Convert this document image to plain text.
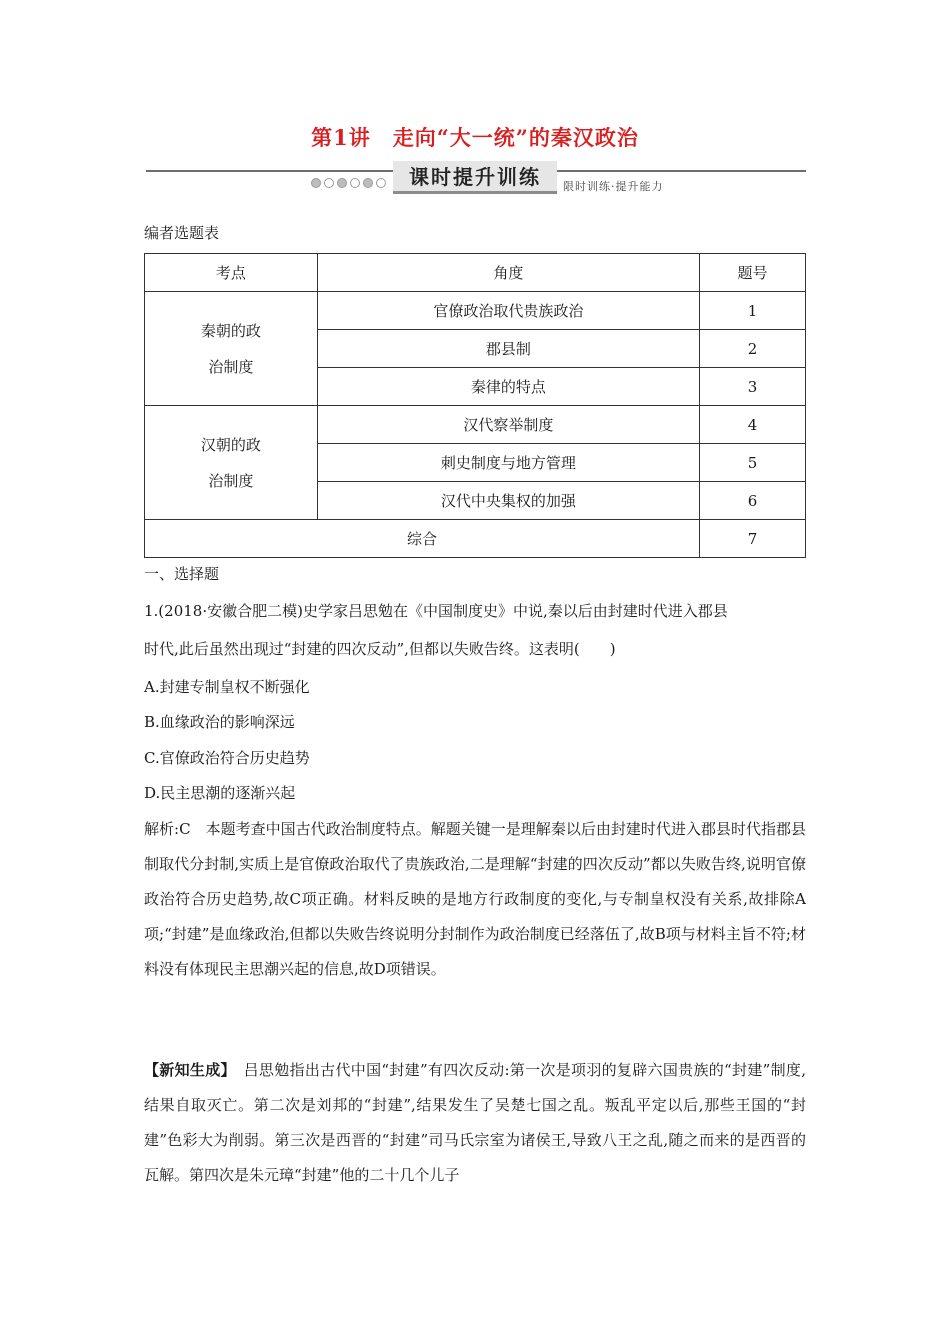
第1讲　走向“大一统”的秦汉政治
课时提升训练	限时训练·提升能力
编者选题表
考点	角度	题号

秦朝的政
治制度	官僚政治取代贵族政治	1
	郡县制	2
	秦律的特点	3

汉朝的政
治制度	汉代察举制度	4
	刺史制度与地方管理	5
	汉代中央集权的加强	6
综合		7
一、选择题
1.(2018·安徽合肥二模)史学家吕思勉在《中国制度史》中说,秦以后由封建时代进入郡县
时代,此后虽然出现过“封建的四次反动”,但都以失败告终。这表明(　　)
A.封建专制皇权不断强化
B.血缘政治的影响深远
C.官僚政治符合历史趋势
D.民主思潮的逐渐兴起
解析:C　本题考查中国古代政治制度特点。解题关键一是理解秦以后由封建时代进入郡县时代指郡县制取代分封制,实质上是官僚政治取代了贵族政治,二是理解“封建的四次反动”都以失败告终,说明官僚政治符合历史趋势,故C项正确。材料反映的是地方行政制度的变化,与专制皇权没有关系,故排除A项;“封建”是血缘政治,但都以失败告终说明分封制作为政治制度已经落伍了,故B项与材料主旨不符;材料没有体现民主思潮兴起的信息,故D项错误。
【新知生成】　吕思勉指出古代中国“封建”有四次反动:第一次是项羽的复辟六国贵族的“封建”制度,结果自取灭亡。第二次是刘邦的“封建”,结果发生了吴楚七国之乱。叛乱平定以后,那些王国的“封建”色彩大为削弱。第三次是西晋的“封建”司马氏宗室为诸侯王,导致八王之乱,随之而来的是西晋的瓦解。第四次是朱元璋“封建”他的二十几个儿子
